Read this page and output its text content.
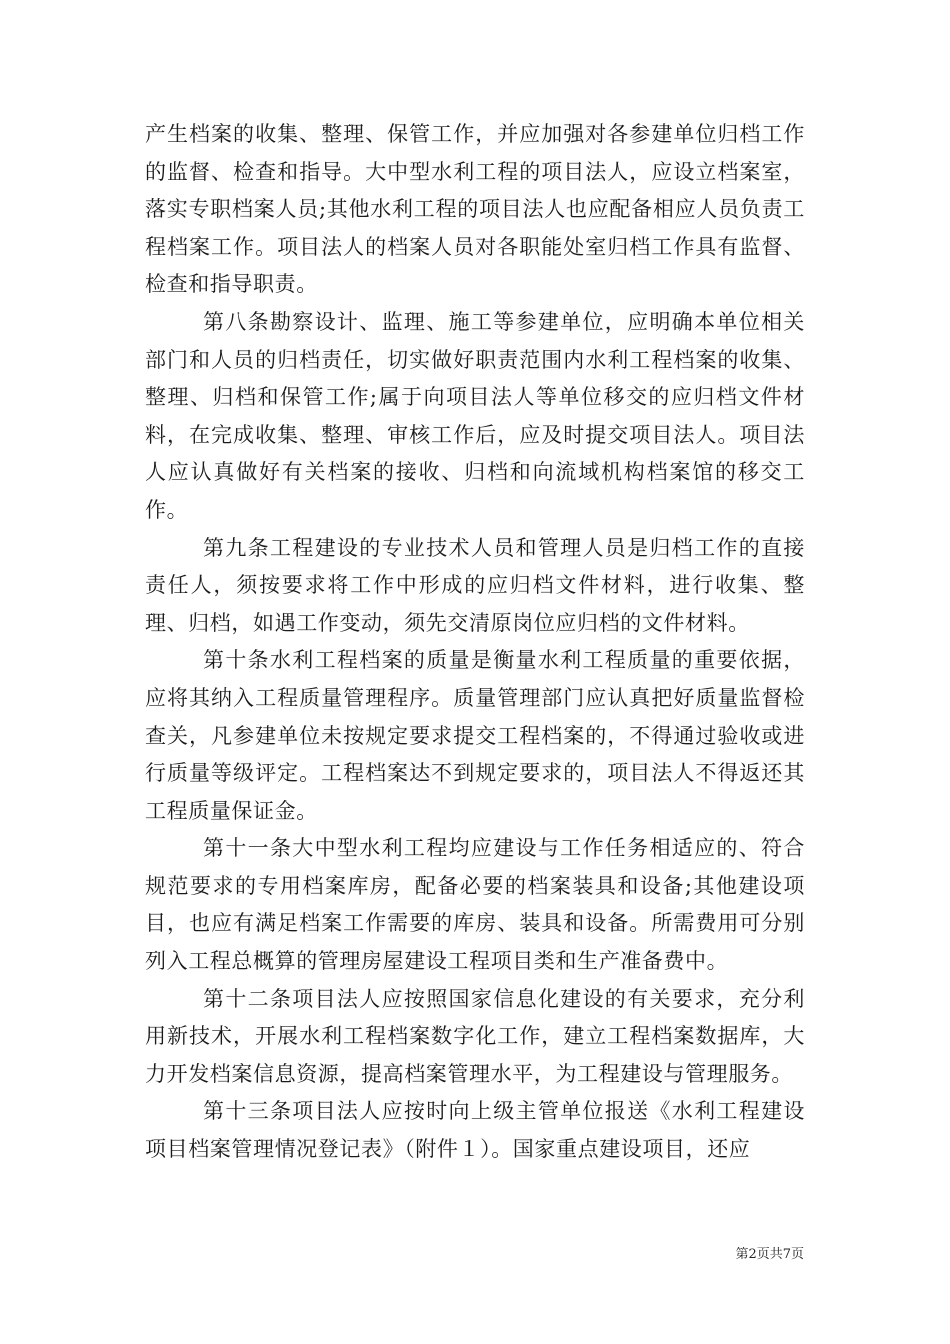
产生档案的收集、整理、保管工作，并应加强对各参建单位归档工作的监督、检查和指导。大中型水利工程的项目法人，应设立档案室，落实专职档案人员;其他水利工程的项目法人也应配备相应人员负责工程档案工作。项目法人的档案人员对各职能处室归档工作具有监督、检查和指导职责。

第八条勘察设计、监理、施工等参建单位，应明确本单位相关部门和人员的归档责任，切实做好职责范围内水利工程档案的收集、整理、归档和保管工作;属于向项目法人等单位移交的应归档文件材料，在完成收集、整理、审核工作后，应及时提交项目法人。项目法人应认真做好有关档案的接收、归档和向流域机构档案馆的移交工作。

第九条工程建设的专业技术人员和管理人员是归档工作的直接责任人，须按要求将工作中形成的应归档文件材料，进行收集、整理、归档，如遇工作变动，须先交清原岗位应归档的文件材料。

第十条水利工程档案的质量是衡量水利工程质量的重要依据，应将其纳入工程质量管理程序。质量管理部门应认真把好质量监督检查关，凡参建单位未按规定要求提交工程档案的，不得通过验收或进行质量等级评定。工程档案达不到规定要求的，项目法人不得返还其工程质量保证金。

第十一条大中型水利工程均应建设与工作任务相适应的、符合规范要求的专用档案库房，配备必要的档案装具和设备;其他建设项目，也应有满足档案工作需要的库房、装具和设备。所需费用可分别列入工程总概算的管理房屋建设工程项目类和生产准备费中。

第十二条项目法人应按照国家信息化建设的有关要求，充分利用新技术，开展水利工程档案数字化工作，建立工程档案数据库，大力开发档案信息资源，提高档案管理水平，为工程建设与管理服务。

第十三条项目法人应按时向上级主管单位报送《水利工程建设项目档案管理情况登记表》（附件１）。国家重点建设项目，还应

第2页共7页
